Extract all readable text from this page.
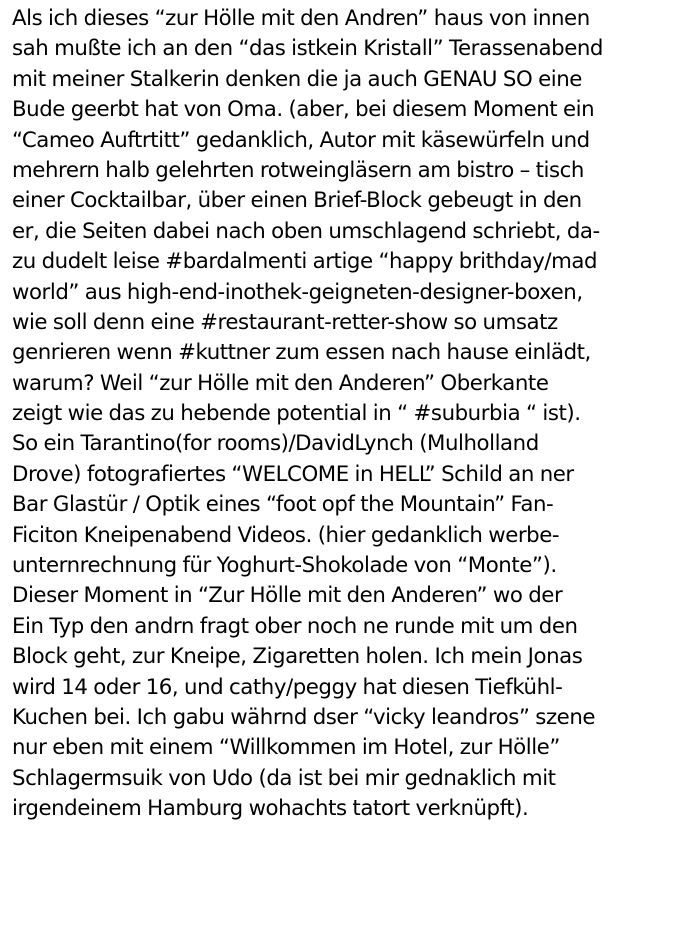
Als ich dieses “zur Hölle mit den Andren” haus von innen
sah mußte ich an den “das istkein Kristall” Terassenabend
mit meiner Stalkerin denken die ja auch GENAU SO eine
Bude geerbt hat von Oma. (aber, bei diesem Moment ein
“Cameo Auftrtitt” gedanklich, Autor mit käsewürfeln und
mehrern halb gelehrten rotweingläsern am bistro – tisch
einer Cocktailbar, über einen Brief-Block gebeugt in den
er, die Seiten dabei nach oben umschlagend schriebt, da-
zu dudelt leise #bardalmenti artige “happy brithday/mad
world” aus high-end-inothek-geigneten-designer-boxen,
wie soll denn eine #restaurant-retter-show so umsatz
genrieren wenn #kuttner zum essen nach hause einlädt,
warum? Weil “zur Hölle mit den Anderen” Oberkante
zeigt wie das zu hebende potential in “ #suburbia “ ist).
So ein Tarantino(for rooms)/DavidLynch (Mulholland
Drove) fotografiertes “WELCOME in HELL” Schild an ner
Bar Glastür / Optik eines “foot opf the Mountain” Fan-
Ficiton Kneipenabend Videos. (hier gedanklich werbe-
unternrechnung für Yoghurt-Shokolade von “Monte”).
Dieser Moment in “Zur Hölle mit den Anderen” wo der
Ein Typ den andrn fragt ober noch ne runde mit um den
Block geht, zur Kneipe, Zigaretten holen. Ich mein Jonas
wird 14 oder 16, und cathy/peggy hat diesen Tiefkühl-
Kuchen bei. Ich gabu währnd dser “vicky leandros” szene
nur eben mit einem “Willkommen im Hotel, zur Hölle”
Schlagermsuik von Udo (da ist bei mir gednaklich mit
irgendeinem Hamburg wohachts tatort verknüpft).
